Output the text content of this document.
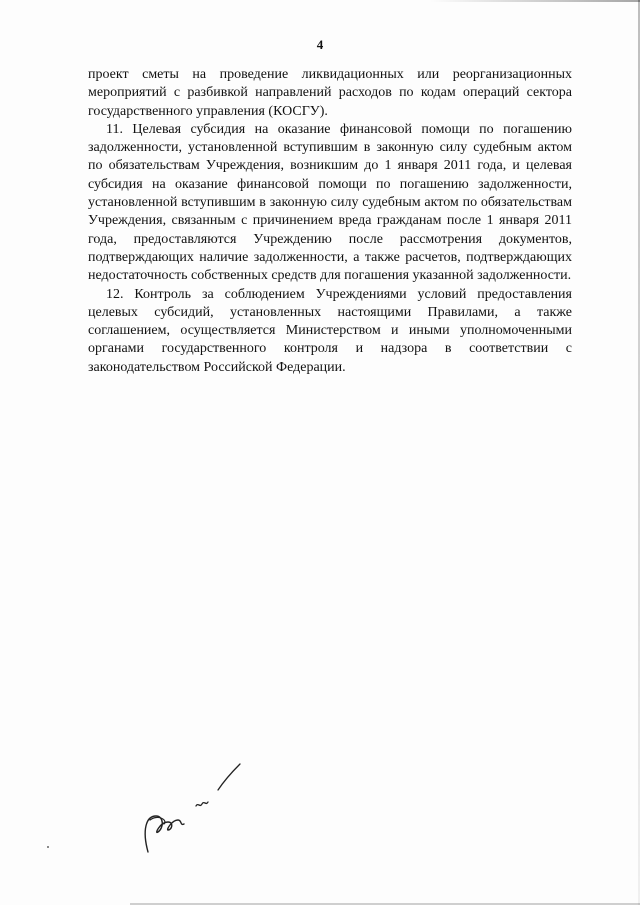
4

проект сметы на проведение ликвидационных или реорганизационных мероприятий с разбивкой направлений расходов по кодам операций сектора государственного управления (КОСГУ).

11. Целевая субсидия на оказание финансовой помощи по погашению задолженности, установленной вступившим в законную силу судебным актом по обязательствам Учреждения, возникшим до 1 января 2011 года, и целевая субсидия на оказание финансовой помощи по погашению задолженности, установленной вступившим в законную силу судебным актом по обязательствам Учреждения, связанным с причинением вреда гражданам после 1 января 2011 года, предоставляются Учреждению после рассмотрения документов, подтверждающих наличие задолженности, а также расчетов, подтверждающих недостаточность собственных средств для погашения указанной задолженности.

12. Контроль за соблюдением Учреждениями условий предоставления целевых субсидий, установленных настоящими Правилами, а также соглашением, осуществляется Министерством и иными уполномоченными органами государственного контроля и надзора в соответствии с законодательством Российской Федерации.
